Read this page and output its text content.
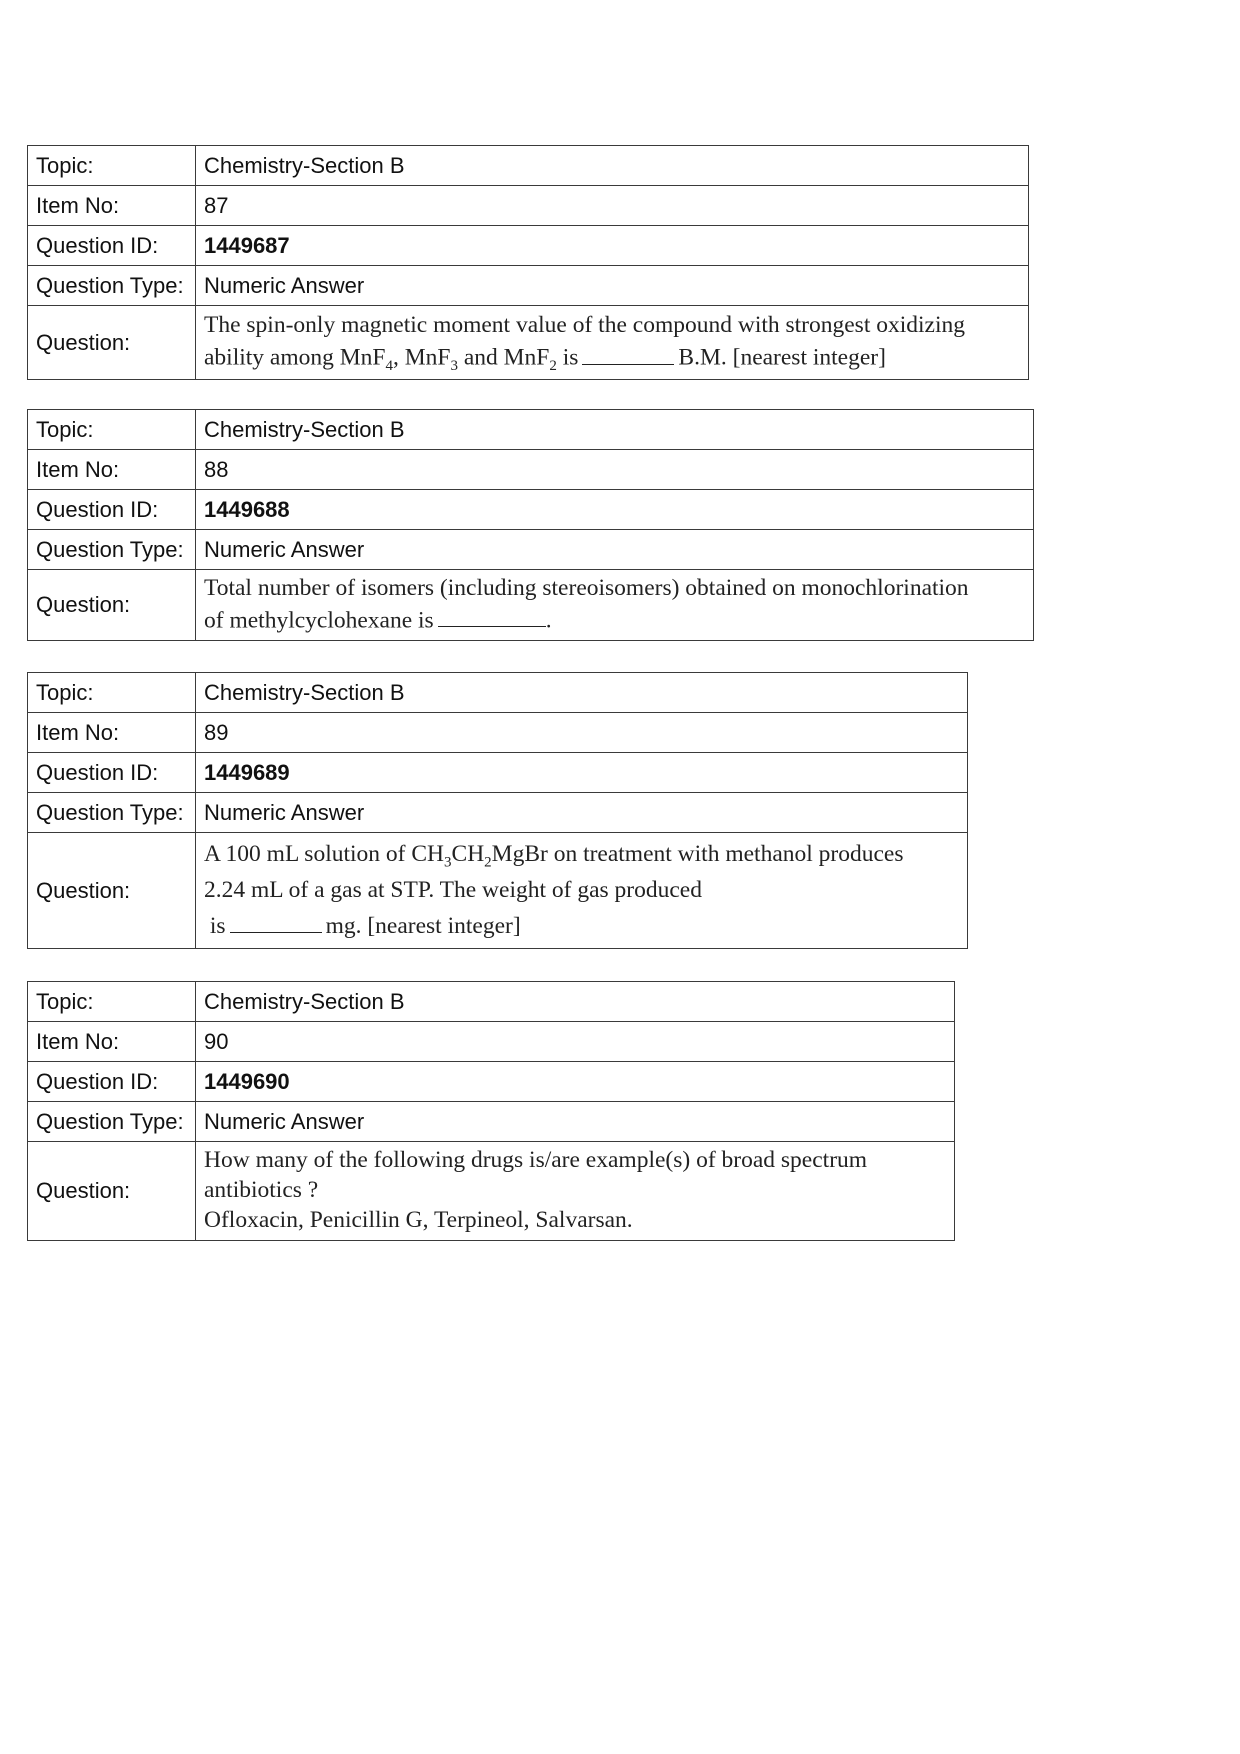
Topic:	Chemistry-Section B
Item No:	87
Question ID:	1449687
Question Type:	Numeric Answer
Question:	The spin-only magnetic moment value of the compound with strongest oxidizing
ability among MnF$_4$, MnF$_3$ and MnF$_2$ is B.M. [nearest integer]
Topic:	Chemistry-Section B
Item No:	88
Question ID:	1449688
Question Type:	Numeric Answer
Question:	Total number of isomers (including stereoisomers) obtained on monochlorination
of methylcyclohexane is .
Topic:	Chemistry-Section B
Item No:	89
Question ID:	1449689
Question Type:	Numeric Answer
Question:	A 100 mL solution of $CH_3CH_2MgBr$ on treatment with methanol produces
2.24 mL of a gas at STP. The weight of gas produced
is mg. [nearest integer]
Topic:	Chemistry-Section B
Item No:	90
Question ID:	1449690
Question Type:	Numeric Answer
Question:	How many of the following drugs is/are example(s) of broad spectrum
antibiotics ?
Ofloxacin, Penicillin G, Terpineol, Salvarsan.
